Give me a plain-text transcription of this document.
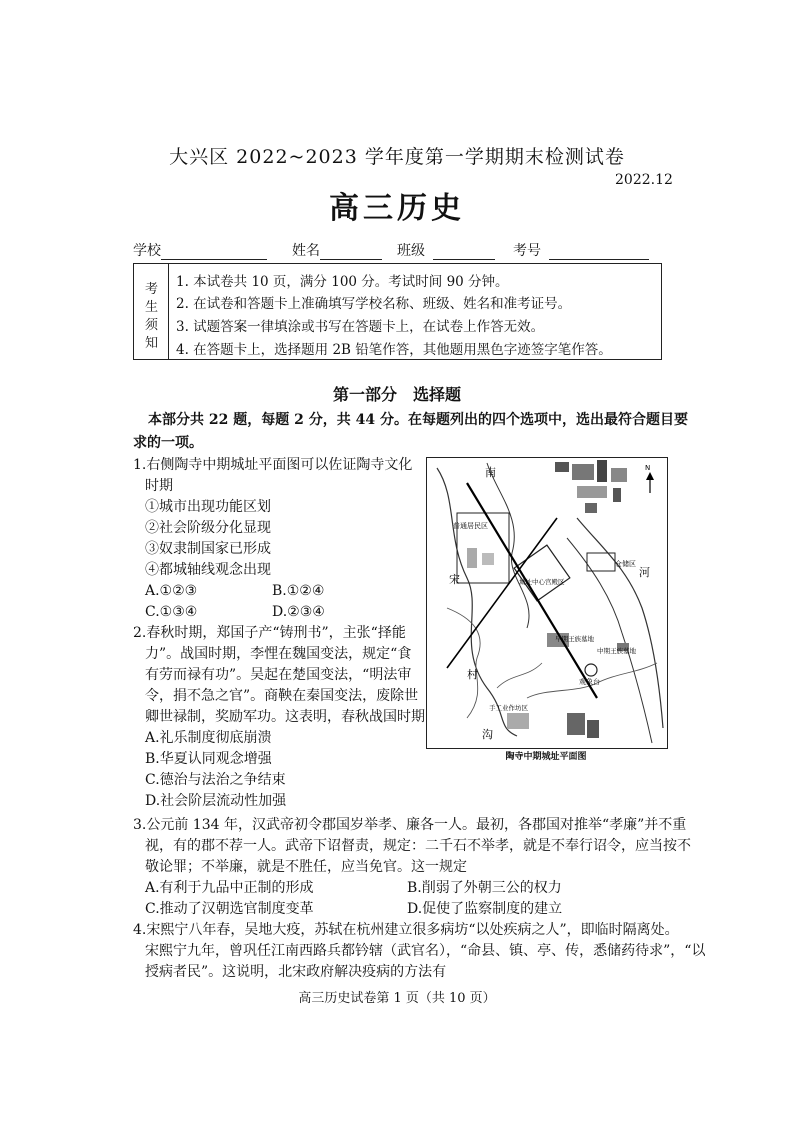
大兴区 2022~2023 学年度第一学期期末检测试卷
2022.12
高三历史
学校	姓名	班级	考号
考
生
须
知
1. 本试卷共 10 页，满分 100 分。考试时间 90 分钟。
2. 在试卷和答题卡上准确填写学校名称、班级、姓名和准考证号。
3. 试题答案一律填涂或书写在答题卡上，在试卷上作答无效。
4. 在答题卡上，选择题用 2B 铅笔作答，其他题用黑色字迹签字笔作答。
第一部分　选择题
本部分共 22 题，每题 2 分，共 44 分。在每题列出的四个选项中，选出最符合题目要
求的一项。
1.右侧陶寺中期城址平面图可以佐证陶寺文化
时期
①城市出现功能区划
②社会阶级分化显现
③奴隶制国家已形成
④都城轴线观念出现
A.①②③	B.①②④
C.①③④	D.②③④
2.春秋时期，郑国子产“铸刑书”，主张“择能
力”。战国时期，李悝在魏国变法，规定“食
有劳而禄有功”。吴起在楚国变法，“明法审
令，捐不急之官”。商鞅在秦国变法，废除世
卿世禄制，奖励军功。这表明，春秋战国时期
A.礼乐制度彻底崩溃
B.华夏认同观念增强
C.德治与法治之争结束
D.社会阶层流动性加强
3.公元前 134 年，汉武帝初令郡国岁举孝、廉各一人。最初，各郡国对推举“孝廉”并不重
视，有的郡不荐一人。武帝下诏督责，规定：二千石不举孝，就是不奉行诏令，应当按不
敬论罪；不举廉，就是不胜任，应当免官。这一规定
A.有利于九品中正制的形成	B.削弱了外朝三公的权力
C.推动了汉朝选官制度变革	D.促使了监察制度的建立
4.宋熙宁八年春，吴地大疫，苏轼在杭州建立很多病坊“以处疾病之人”，即临时隔离处。
宋熙宁九年，曾巩任江南西路兵都钤辖（武官名），“命县、镇、亭、传，悉储药待求”，“以
授病者民”。这说明，北宋政府解决疫病的方法有
南
宋
村
沟
河
N
普通居民区
城址中心宫殿区
仓储区
早期王族墓地
中期王族墓地
观象台
手工业作坊区
陶寺中期城址平面图
高三历史试卷第 1 页（共 10 页）
